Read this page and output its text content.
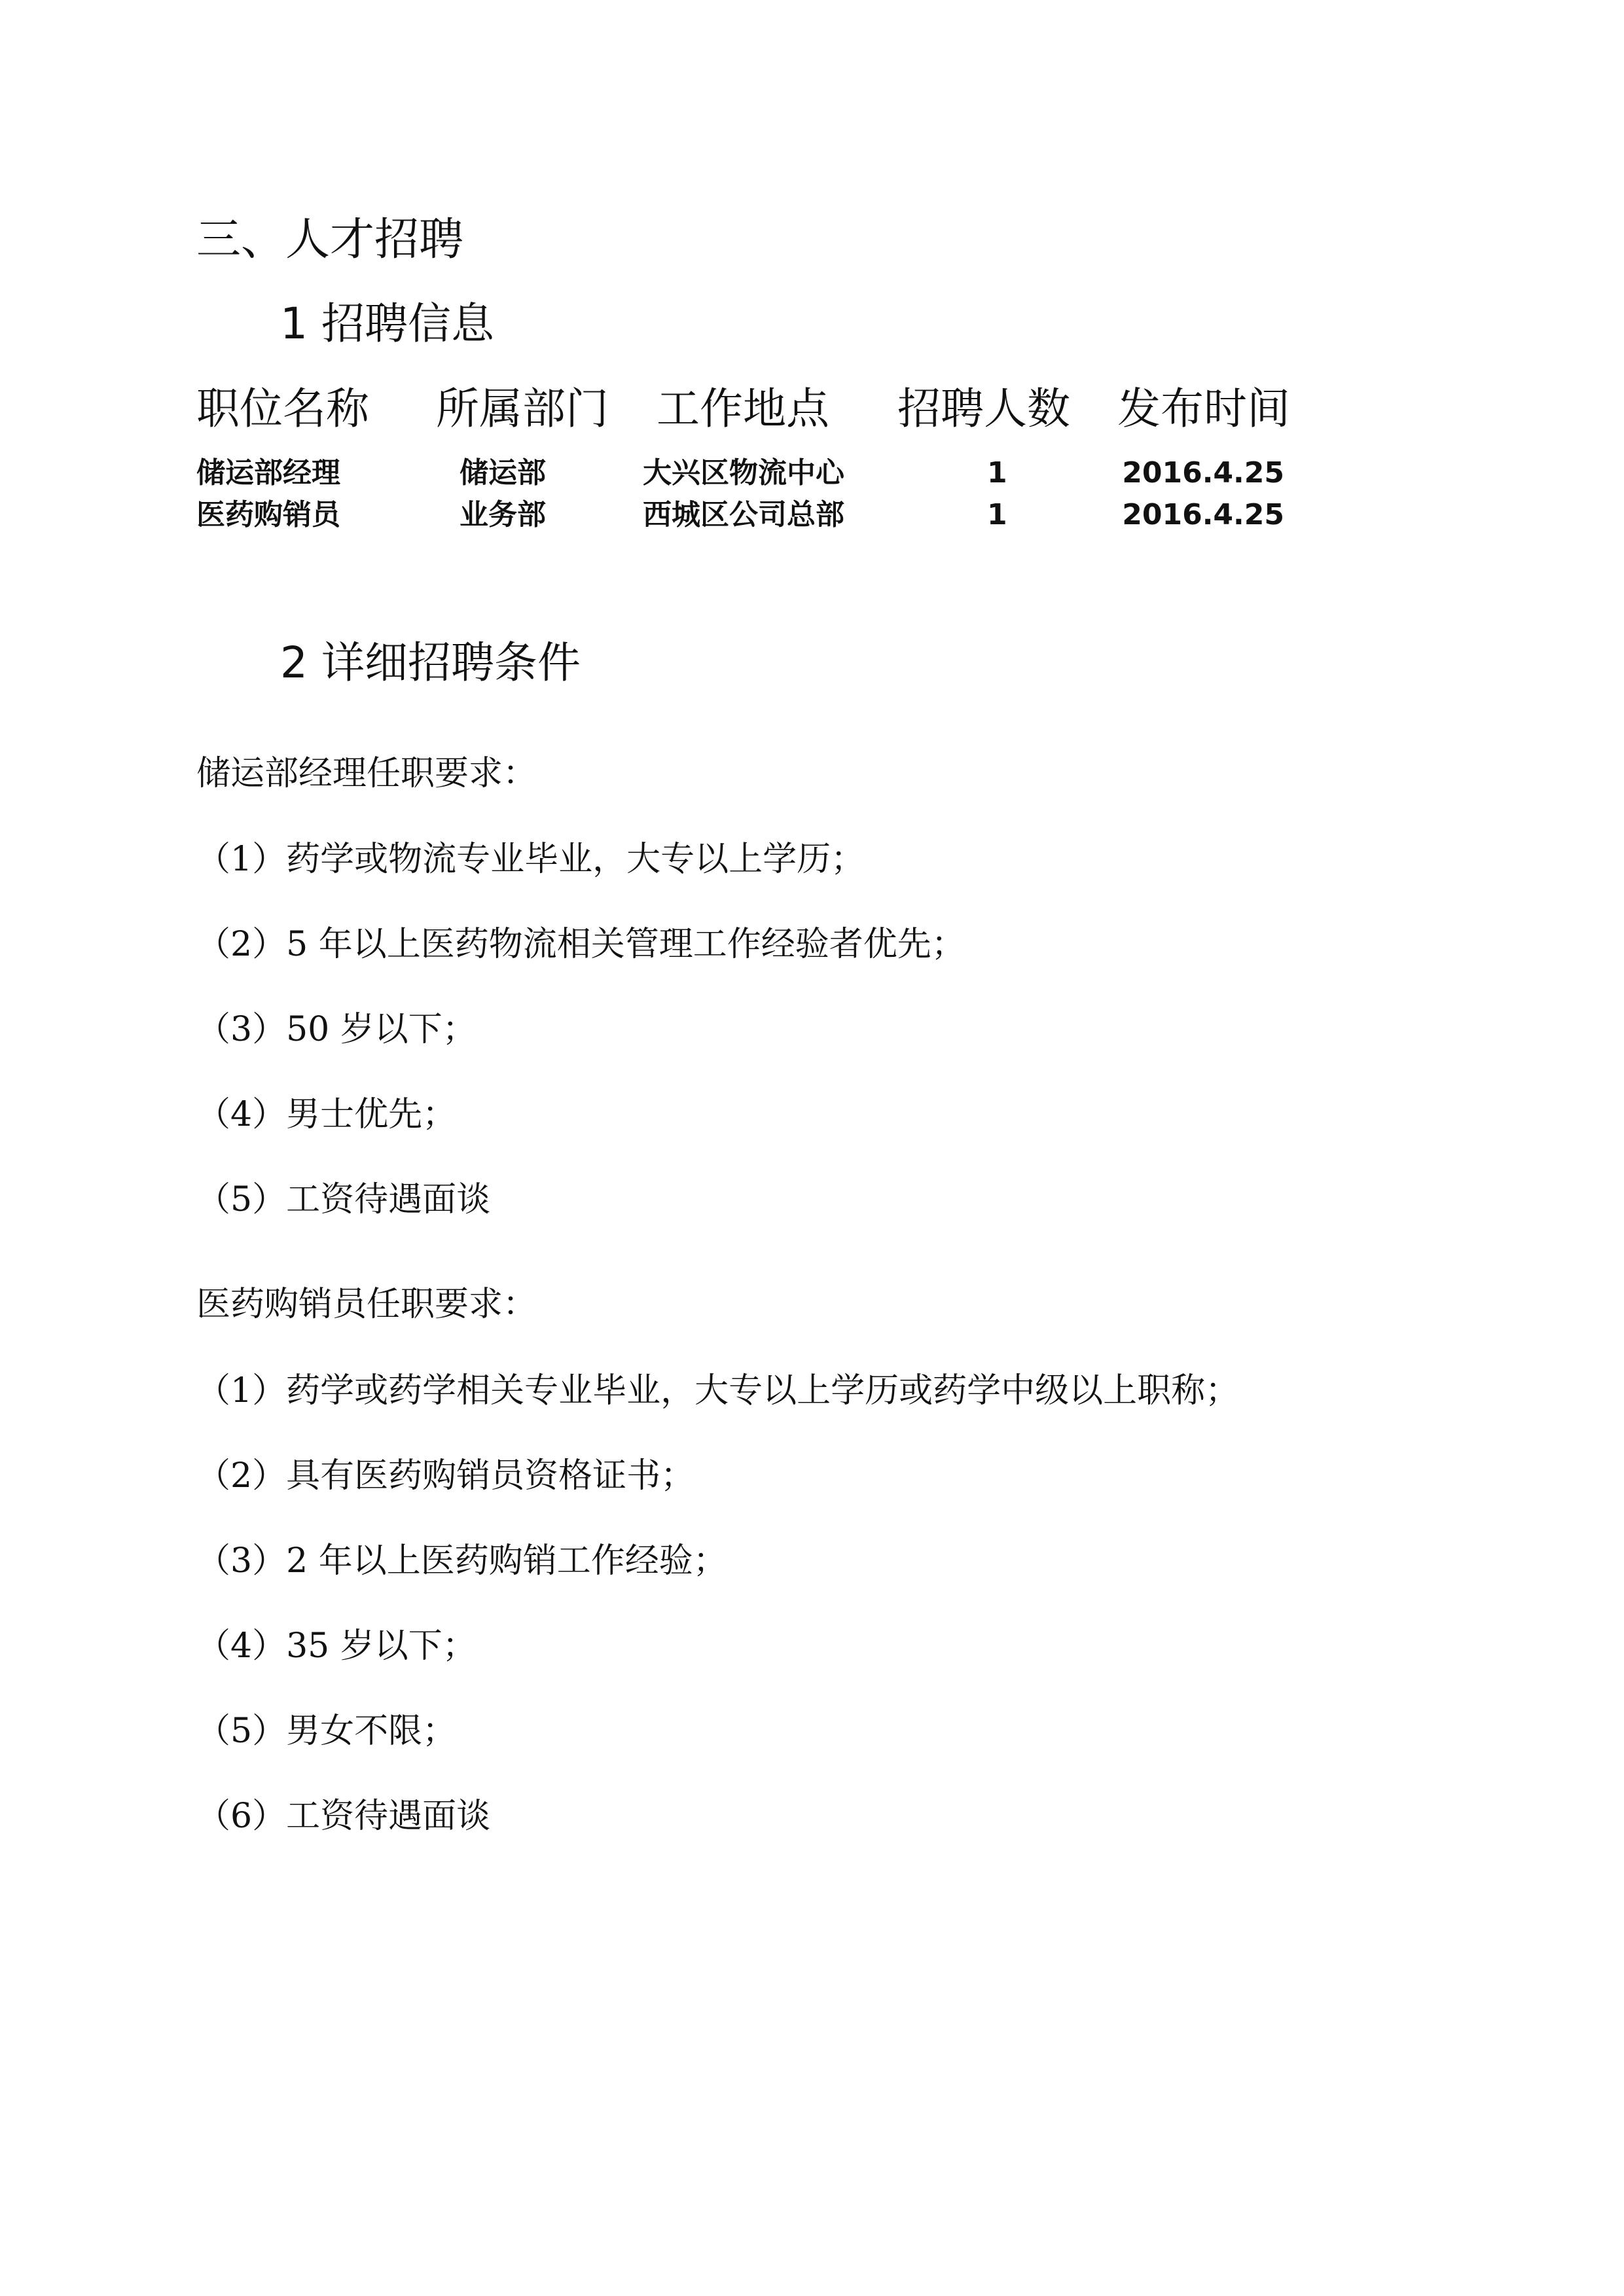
三、人才招聘
1 招聘信息
职位名称 所属部门 工作地点 招聘人数 发布时间
储运部经理	储运部	大兴区物流中心	1	2016.4.25
医药购销员	业务部	西城区公司总部	1	2016.4.25
2 详细招聘条件
储运部经理任职要求：
（1）药学或物流专业毕业，大专以上学历；
（2）5 年以上医药物流相关管理工作经验者优先；
（3）50 岁以下；
（4）男士优先；
（5）工资待遇面谈
医药购销员任职要求：
（1）药学或药学相关专业毕业，大专以上学历或药学中级以上职称；
（2）具有医药购销员资格证书；
（3）2 年以上医药购销工作经验；
（4）35 岁以下；
（5）男女不限；
（6）工资待遇面谈
